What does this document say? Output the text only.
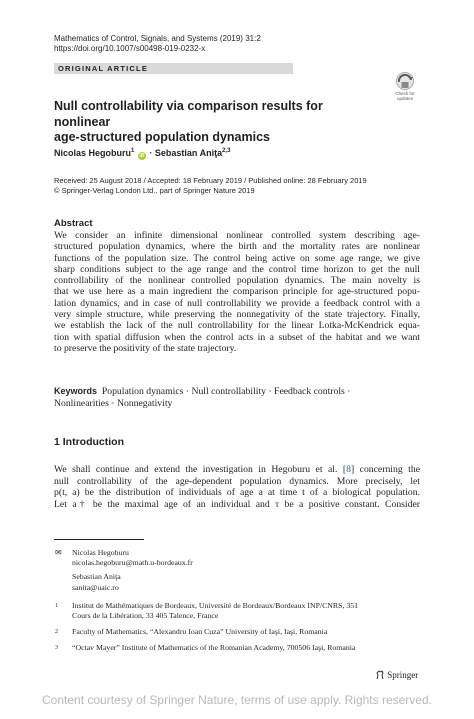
Mathematics of Control, Signals, and Systems (2019) 31:2
https://doi.org/10.1007/s00498-019-0232-x
ORIGINAL ARTICLE
Check for
updates
Null controllability via comparison results for nonlinear
age-structured population dynamics
Nicolas Hegoburu$^1$ iD · Sebastian Aniţa$^{2,3}$
Received: 25 August 2018 / Accepted: 18 February 2019 / Published online: 28 February 2019
© Springer-Verlag London Ltd., part of Springer Nature 2019
Abstract
We consider an infinite dimensional nonlinear controlled system describing age-
structured population dynamics, where the birth and the mortality rates are nonlinear
functions of the population size. The control being active on some age range, we give
sharp conditions subject to the age range and the control time horizon to get the null
controllability of the nonlinear controlled population dynamics. The main novelty is
that we use here as a main ingredient the comparison principle for age-structured popu-
lation dynamics, and in case of null controllability we provide a feedback control with a
very simple structure, while preserving the nonnegativity of the state trajectory. Finally,
we establish the lack of the null controllability for the linear Lotka-McKendrick equa-
tion with spatial diffusion when the control acts in a subset of the habitat and we want
to preserve the positivity of the state trajectory.
Keywords Population dynamics · Null controllability · Feedback controls ·
Nonlinearities · Nonnegativity
1 Introduction
We shall continue and extend the investigation in Hegoburu et al. [8] concerning the
null controllability of the age-dependent population dynamics. More precisely, let
p(t, a) be the distribution of individuals of age a at time t of a biological population.
Let a† be the maximal age of an individual and τ be a positive constant. Consider
✉ Nicolas Hegoburu
nicolas.hegoburu@math.u-bordeaux.fr
Sebastian Aniţa
sanita@uaic.ro
1 Institut de Mathématiques de Bordeaux, Université de Bordeaux/Bordeaux INP/CNRS, 351
Cours de la Libération, 33 405 Talence, France
2 Faculty of Mathematics, “Alexandru Ioan Cuza” University of Iaşi, Iaşi, Romania
3 “Octav Mayer” Institute of Mathematics of the Romanian Academy, 700506 Iaşi, Romania
Springer
Content courtesy of Springer Nature, terms of use apply. Rights reserved.
